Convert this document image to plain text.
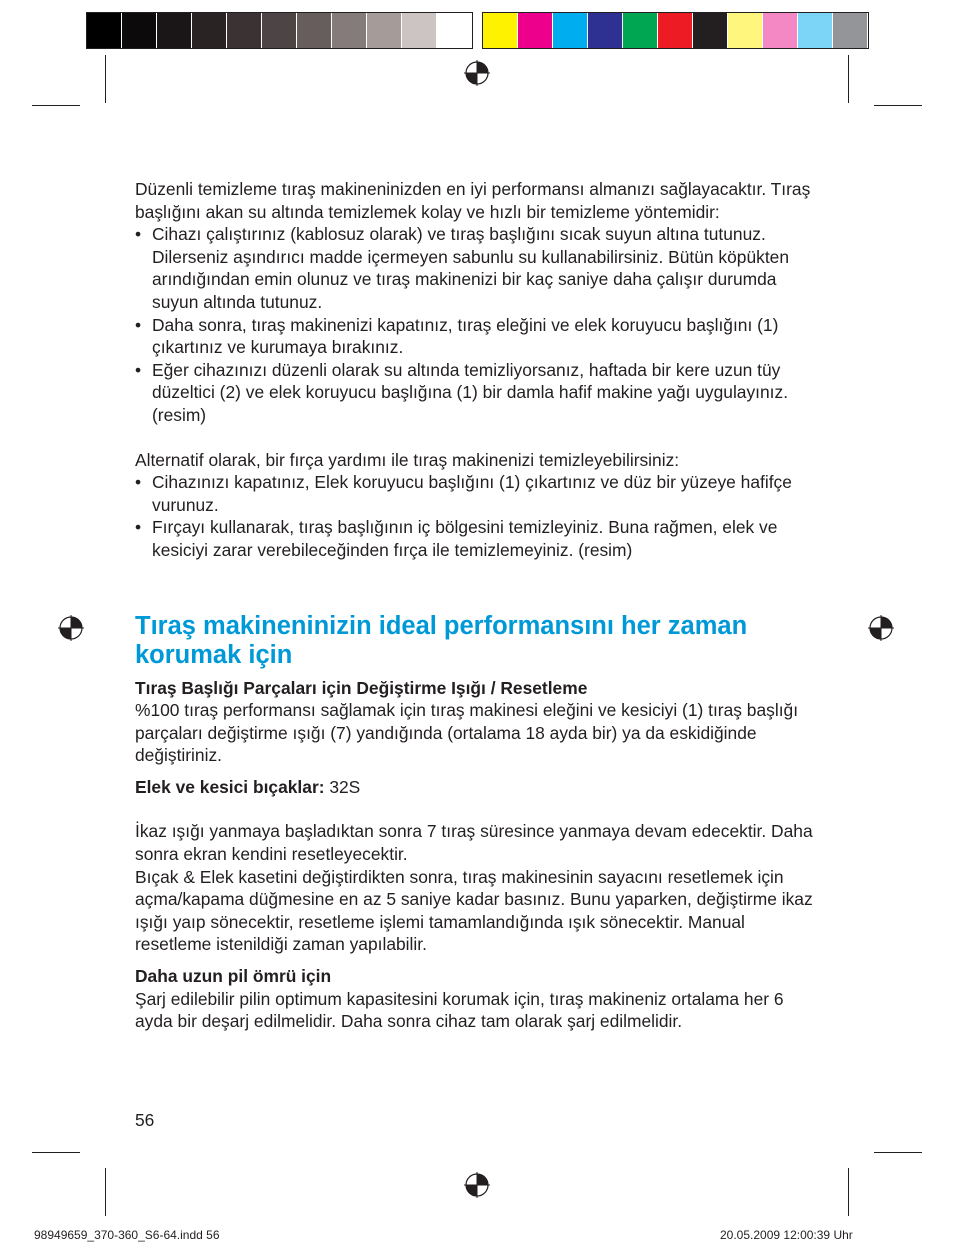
Düzenli temizleme tıraş makineninizden en iyi performansı almanızı sağlayacaktır. Tıraş başlığını akan su altında temizlemek kolay ve hızlı bir temizleme yöntemidir:

• Cihazı çalıştırınız (kablosuz olarak) ve tıraş başlığını sıcak suyun altına tutunuz. Dilerseniz aşındırıcı madde içermeyen sabunlu su kullanabilirsiniz. Bütün köpükten arındığından emin olunuz ve tıraş makinenizi bir kaç saniye daha çalışır durumda suyun altında tutunuz.
• Daha sonra, tıraş makinenizi kapatınız, tıraş eleğini ve elek koruyucu başlığını (1) çıkartınız ve kurumaya bırakınız.
• Eğer cihazınızı düzenli olarak su altında temizliyorsanız, haftada bir kere uzun tüy düzeltici (2) ve elek koruyucu başlığına (1) bir damla hafif makine yağı uygulayınız. (resim)

Alternatif olarak, bir fırça yardımı ile tıraş makinenizi temizleyebilirsiniz:

• Cihazınızı kapatınız, Elek koruyucu başlığını (1) çıkartınız ve düz bir yüzeye hafifçe vurunuz.
• Fırçayı kullanarak, tıraş başlığının iç bölgesini temizleyiniz. Buna rağmen, elek ve kesiciyi zarar verebileceğinden fırça ile temizlemeyiniz. (resim)
Tıraş makineninizin ideal performansını her zaman korumak için
Tıraş Başlığı Parçaları için Değiştirme Işığı / Resetleme

%100 tıraş performansı sağlamak için tıraş makinesi eleğini ve kesiciyi (1) tıraş başlığı parçaları değiştirme ışığı (7) yandığında (ortalama 18 ayda bir) ya da eskidiğinde değiştiriniz.

Elek ve kesici bıçaklar: 32S

İkaz ışığı yanmaya başladıktan sonra 7 tıraş süresince yanmaya devam edecektir. Daha sonra ekran kendini resetleyecektir.

Bıçak & Elek kasetini değiştirdikten sonra, tıraş makinesinin sayacını resetlemek için açma/kapama düğmesine en az 5 saniye kadar basınız. Bunu yaparken, değiştirme ikaz ışığı yaıp sönecektir, resetleme işlemi tamamlandığında ışık sönecektir. Manual resetleme istenildiği zaman yapılabilir.

Daha uzun pil ömrü için

Şarj edilebilir pilin optimum kapasitesini korumak için, tıraş makineniz ortalama her 6 ayda bir deşarj edilmelidir. Daha sonra cihaz tam olarak şarj edilmelidir.

56
98949659_370-360_S6-64.indd 56	20.05.2009 12:00:39 Uhr
